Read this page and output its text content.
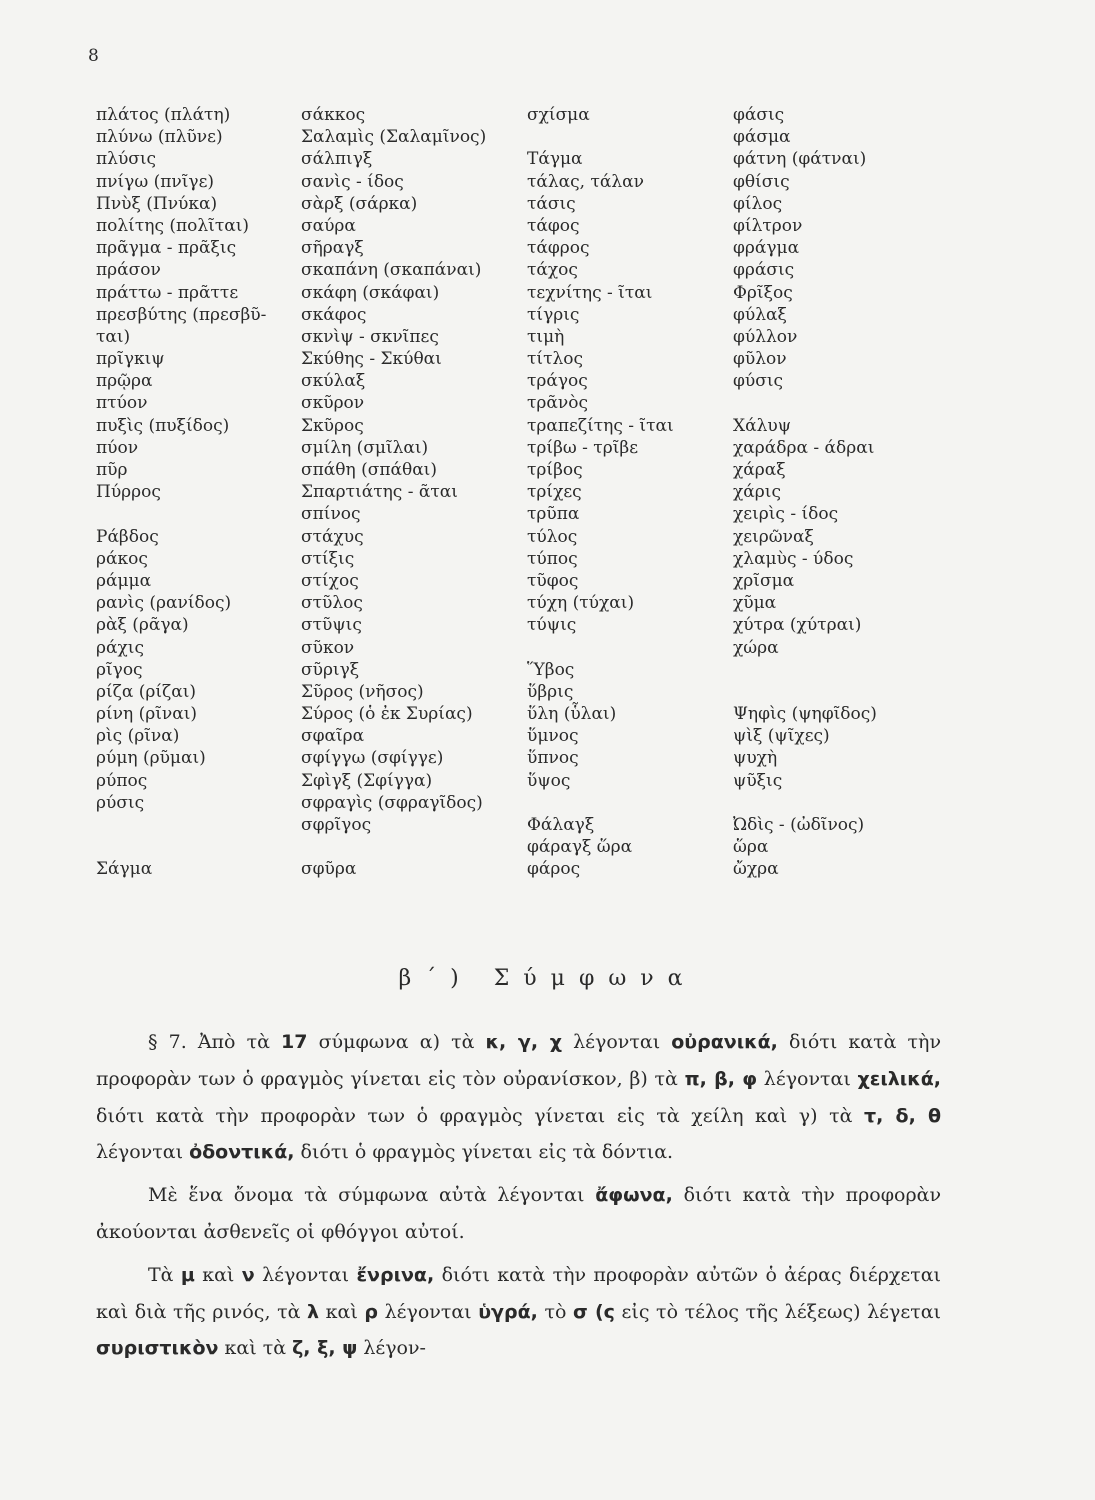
8
πλάτος (πλάτη)
πλύνω (πλῦνε)
πλύσις
πνίγω (πνῖγε)
Πνὺξ (Πνύκα)
πολίτης (πολῖται)
πρᾶγμα - πρᾶξις
πράσον
πράττω - πρᾶττε
πρεσβύτης (πρεσβῦ-
ται)
πρῖγκιψ
πρῷρα
πτύον
πυξὶς (πυξίδος)
πύον
πῦρ
Πύρρος
Ράβδος
ράκος
ράμμα
ρανὶς (ρανίδος)
ρὰξ (ρᾶγα)
ράχις
ρῖγος
ρίζα (ρίζαι)
ρίνη (ρῖναι)
ρὶς (ρῖνα)
ρύμη (ρῦμαι)
ρύπος
ρύσις
Σάγμα
σάκκος
Σαλαμὶς (Σαλαμῖνος)
σάλπιγξ
σανὶς - ίδος
σὰρξ (σάρκα)
σαύρα
σῆραγξ
σκαπάνη (σκαπάναι)
σκάφη (σκάφαι)
σκάφος
σκνὶψ - σκνῖπες
Σκύθης - Σκύθαι
σκύλαξ
σκῦρον
Σκῦρος
σμίλη (σμῖλαι)
σπάθη (σπάθαι)
Σπαρτιάτης - ᾶται
σπίνος
στάχυς
στίξις
στίχος
στῦλος
στῦψις
σῦκον
σῦριγξ
Σῦρος (νῆσος)
Σύρος (ὁ ἐκ Συρίας)
σφαῖρα
σφίγγω (σφίγγε)
Σφὶγξ (Σφίγγα)
σφραγὶς (σφραγῖδος)
σφρῖγος
σφῦρα
σχίσμα
Τάγμα
τάλας, τάλαν
τάσις
τάφος
τάφρος
τάχος
τεχνίτης - ῖται
τίγρις
τιμὴ
τίτλος
τράγος
τρᾶνὸς
τραπεζίτης - ῖται
τρίβω - τρῖβε
τρίβος
τρίχες
τρῦπα
τύλος
τύπος
τῦφος
τύχη (τύχαι)
τύψις
Ὕβος
ὕβρις
ὕλη (ὗλαι)
ὕμνος
ὕπνος
ὕψος
Φάλαγξ
φάραγξ ὥρα
φάρος
φάσις
φάσμα
φάτνη (φάτναι)
φθίσις
φίλος
φίλτρον
φράγμα
φράσις
Φρῖξος
φύλαξ
φύλλον
φῦλον
φύσις
Χάλυψ
χαράδρα - άδραι
χάραξ
χάρις
χειρὶς - ίδος
χειρῶναξ
χλαμὺς - ύδος
χρῖσμα
χῦμα
χύτρα (χύτραι)
χώρα
Ψηφὶς (ψηφῖδος)
ψὶξ (ψῖχες)
ψυχὴ
ψῦξις
Ὠδὶς - (ὠδῖνος)
ὥρα
ὤχρα
β΄) Σύμφωνα

§ 7. Ἀπὸ τὰ 17 σύμφωνα α) τὰ κ, γ, χ λέγονται οὐρανικά, διότι κατὰ τὴν προφορὰν των ὁ φραγμὸς γίνεται εἰς τὸν οὐρανίσκον, β) τὰ π, β, φ λέγονται χειλικά, διότι κατὰ τὴν προφορὰν των ὁ φραγμὸς γίνεται εἰς τὰ χείλη καὶ γ) τὰ τ, δ, θ λέγονται ὀδοντικά, διότι ὁ φραγμὸς γίνεται εἰς τὰ δόντια.

Μὲ ἕνα ὄνομα τὰ σύμφωνα αὐτὰ λέγονται ἄφωνα, διότι κατὰ τὴν προφορὰν ἀκούονται ἀσθενεῖς οἱ φθόγγοι αὐτοί.

Τὰ μ καὶ ν λέγονται ἔνρινα, διότι κατὰ τὴν προφορὰν αὐτῶν ὁ ἀέρας διέρχεται καὶ διὰ τῆς ρινός, τὰ λ καὶ ρ λέγονται ὑγρά, τὸ σ (ς εἰς τὸ τέλος τῆς λέξεως) λέγεται συριστικὸν καὶ τὰ ζ, ξ, ψ λέγον-
